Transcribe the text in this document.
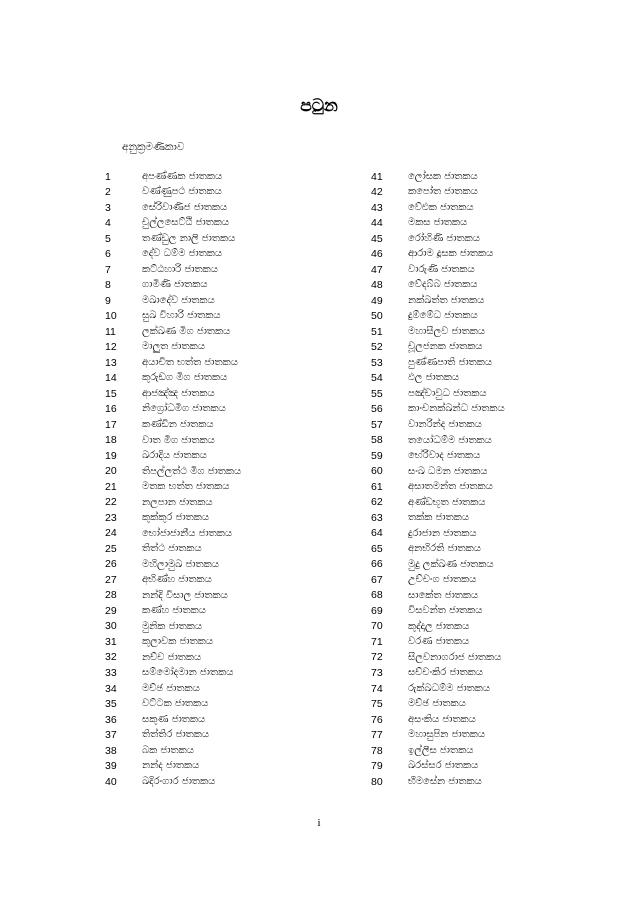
පටුන
අනුක්‍රමණිකාව
1	අපණ්ණක ජාතකය
2	වණ්ණුපථ ජාතකය
3	සේරිවාණිජ ජාතකය
4	චුල්ලසෙට්ඨි ජාතකය
5	තණ්ඩුල නාලි ජාතකය
6	දේව ධම්ම ජාතකය
7	කට්ඨහාරි ජාතකය
8	ගාමිණි ජාතකය
9	මඛාදේව ජාතකය
10	සුඛ විහාරි ජාතකය
11	ලක්ඛණ මිග ජාතකය
12	මාලුත ජාතකය
13	අයාචිත භත්ත ජාතකය
14	කුරුඞග මිග ජාතකය
15	ආජඤ්ඤ ජාතකය
16	නිග්‍රෝධමිග ජාතකය
17	කණ්ඩින ජාතකය
18	වාත මිග ජාතකය
19	ඛරාදිය ජාතකය
20	තිපල්ලත්ථ මිග ජාතකය
21	මතක භත්ත ජාතකය
22	නලපාන ජාතකය
23	කුක්කුර ජාතකය
24	භෝජාජානීය ජාතකය
25	තිත්ථ ජාතකය
26	මහිලාමුඛ ජාතකය
27	අභිණ්හ ජාතකය
28	නන්දි විසාල ජාතකය
29	කණ්හ ජාතකය
30	මුනික ජාතකය
31	කුලාවක ජාතකය
32	නච්ච ජාතකය
33	සම්මෝදමාන ජාතකය
34	මච්ඡ ජාතකය
35	වට්ටක ජාතකය
36	සකුණ ජාතකය
37	තිත්තිර ජාතකය
38	බක ජාතකය
39	නන්ද ජාතකය
40	ඛදිරංගාර ජාතකය
41	ලෝසක ජාතකය
42	කපෝත ජාතකය
43	වේළුක ජාතකය
44	මකස ජාතකය
45	රෝහිණි ජාතකය
46	ආරාම දූසක ජාතකය
47	වාරුණි ජාතකය
48	වේදබ්බ ජාතකය
49	නක්ඛත්ත ජාතකය
50	දුම්මේධ ජාතකය
51	මහාසීලව ජාතකය
52	චූලජනක ජාතකය
53	පුණ්ණපාති ජාතකය
54	ඵල ජාතකය
55	පඤ්චාවුධ ජාතකය
56	කාංචනක්ඛන්ධ ජාතකය
57	වානරින්ද ජාතකය
58	තයෝධම්ම ජාතකය
59	භේරිවාද ජාතකය
60	සංඛ ධමන ජාතකය
61	අසාතමන්ත ජාතකය
62	අණ්ඩභූත ජාතකය
63	තක්ක ජාතකය
64	දුරාජාන ජාතකය
65	අනභිරති ජාතකය
66	මුදු ලක්ඛණ ජාතකය
67	උච්චංග ජාතකය
68	සාකේත ජාතකය
69	විසවන්ත ජාතකය
70	කුද්දාල ජාතකය
71	වරණ ජාතකය
72	සීලවනාගරාජ ජාතකය
73	සච්චංකිර ජාතකය
74	රුක්ඛධම්ම ජාතකය
75	මච්ඡ ජාතකය
76	අසංකිය ජාතකය
77	මහාසුපින ජාතකය
78	ඉල්ලීස ජාතකය
79	ඛරස්සර ජාතකය
80	භීමසේන ජාතකය
i
